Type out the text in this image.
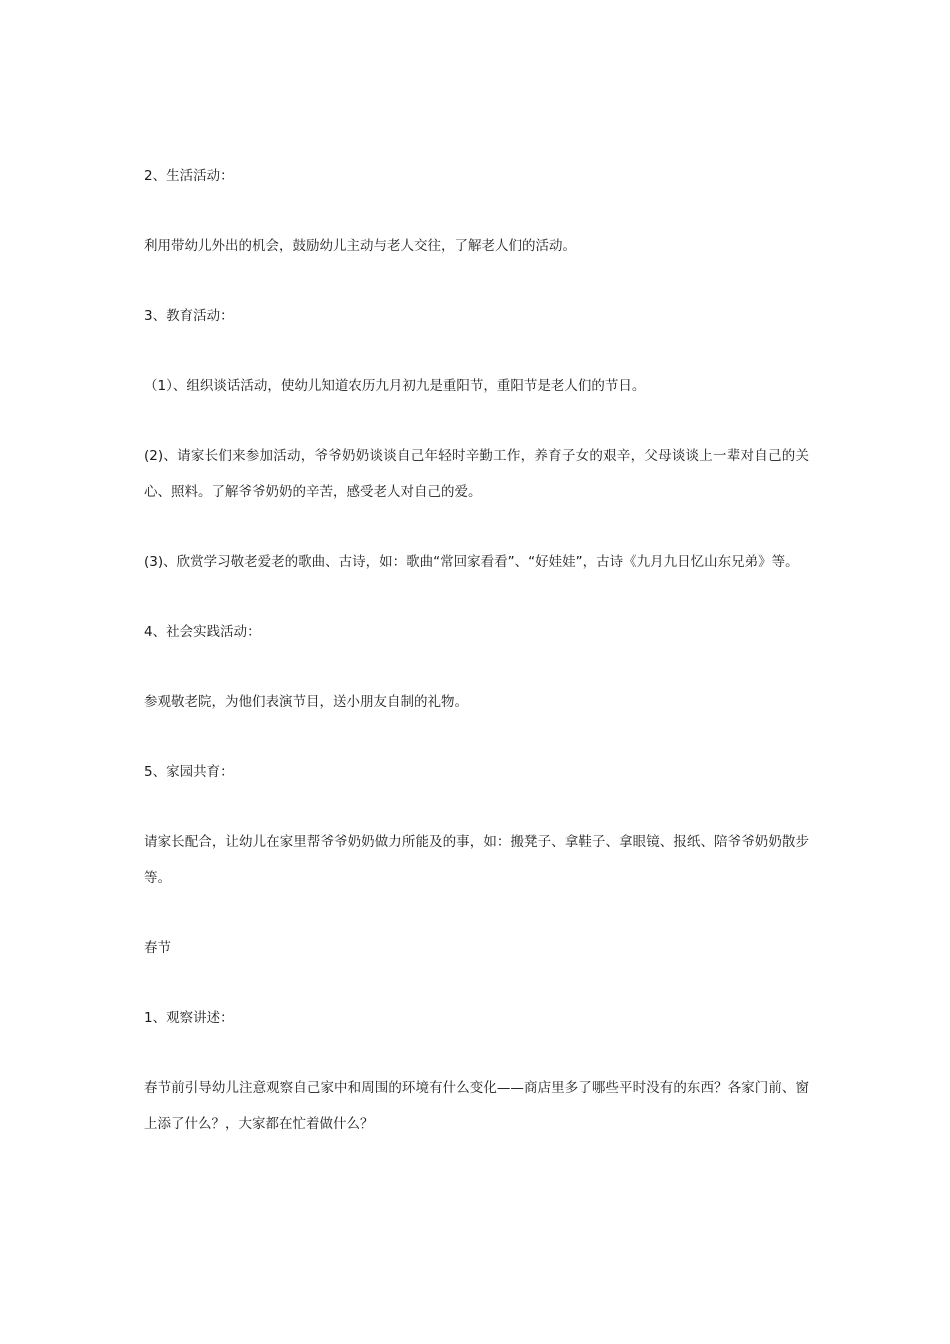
2、生活活动：

利用带幼儿外出的机会，鼓励幼儿主动与老人交往，了解老人们的活动。

3、教育活动：

（1）、组织谈话活动，使幼儿知道农历九月初九是重阳节，重阳节是老人们的节日。

(2)、请家长们来参加活动，爷爷奶奶谈谈自己年轻时辛勤工作，养育子女的艰辛，父母谈谈上一辈对自己的关心、照料。了解爷爷奶奶的辛苦，感受老人对自己的爱。

(3)、欣赏学习敬老爱老的歌曲、古诗，如：歌曲“常回家看看”、“好娃娃”，古诗《九月九日忆山东兄弟》等。

4、社会实践活动：

参观敬老院，为他们表演节目，送小朋友自制的礼物。

5、家园共育：

请家长配合，让幼儿在家里帮爷爷奶奶做力所能及的事，如：搬凳子、拿鞋子、拿眼镜、报纸、陪爷爷奶奶散步等。

春节

1、观察讲述：

春节前引导幼儿注意观察自己家中和周围的环境有什么变化——商店里多了哪些平时没有的东西？各家门前、窗上添了什么？，大家都在忙着做什么？
